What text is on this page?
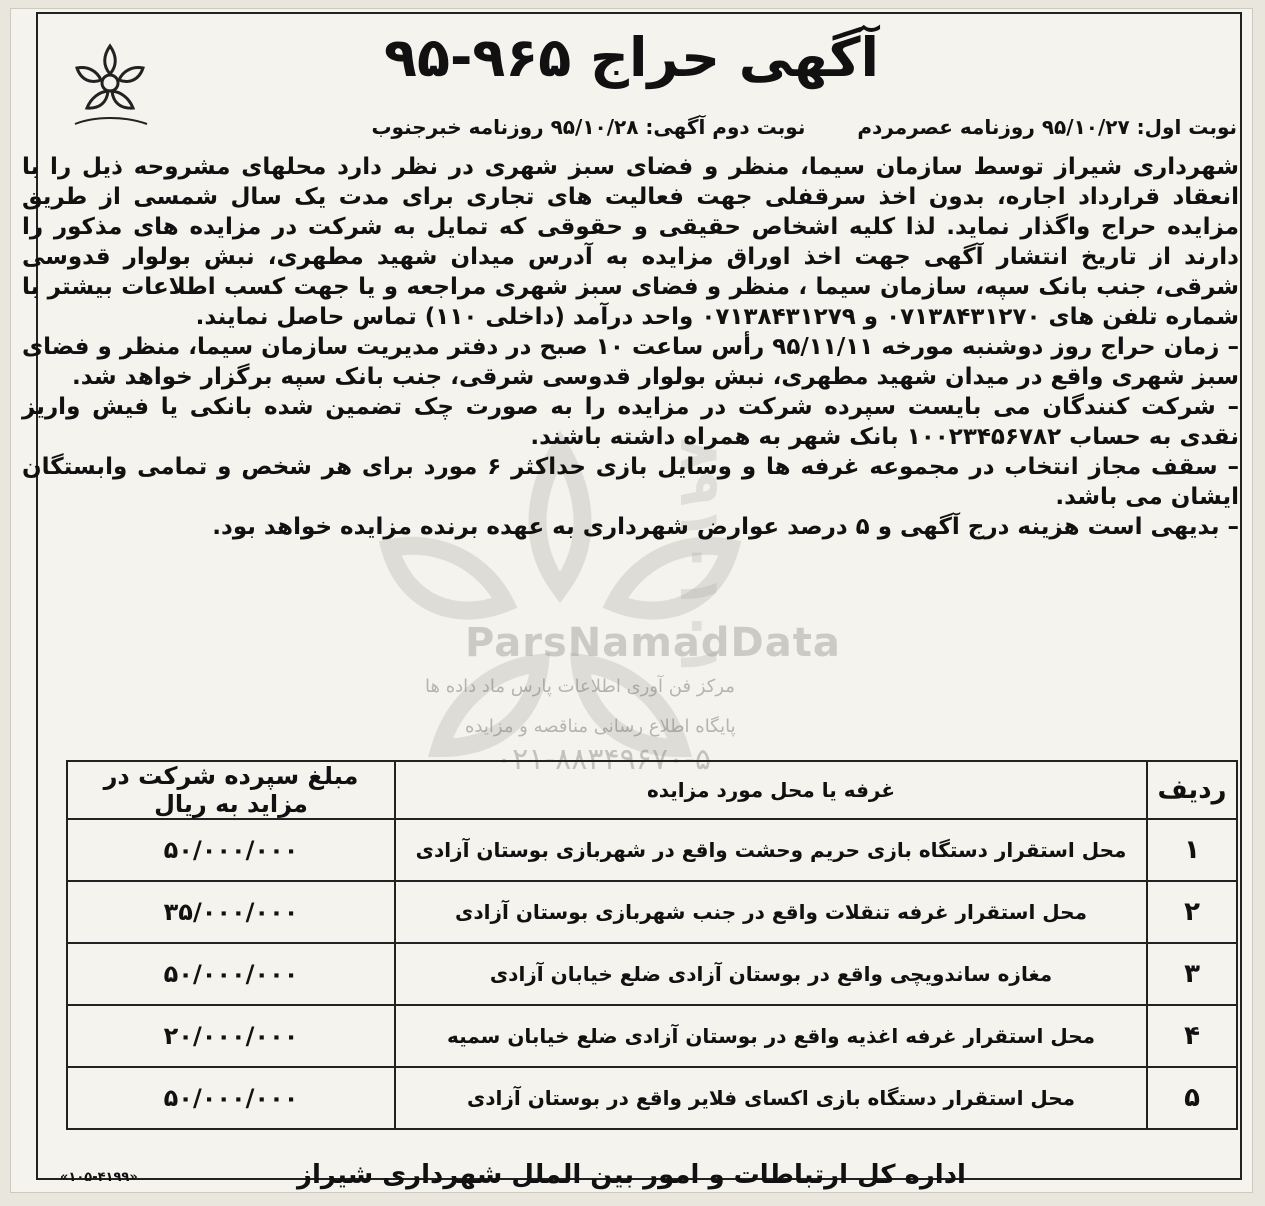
آگهی حراج ۹۶۵-۹۵
نوبت اول: ۹۵/۱۰/۲۷ روزنامه عصرمردم
نوبت دوم آگهی: ۹۵/۱۰/۲۸ روزنامه خبرجنوب
۸۹۱۰۱۰۱
ParsNamadData
مرکز فن آوری اطلاعات پارس ماد داده ها
پایگاه اطلاع رسانی مناقصه و مزایده
۰۲۱-۸۸۳۴۹۶۷۰-۵

شهرداری شیراز توسط سازمان سیما، منظر و فضای سبز شهری در نظر دارد محلهای مشروحه ذیل را با انعقاد قرارداد اجاره، بدون اخذ سرقفلی جهت فعالیت های تجاری برای مدت یک سال شمسی از طریق مزایده حراج واگذار نماید. لذا کلیه اشخاص حقیقی و حقوقی که تمایل به شرکت در مزایده های مذکور را دارند از تاریخ انتشار آگهی جهت اخذ اوراق مزایده به آدرس میدان شهید مطهری، نبش بولوار قدوسی شرقی، جنب بانک سپه، سازمان سیما ، منظر و فضای سبز شهری مراجعه و یا جهت کسب اطلاعات بیشتر با شماره تلفن های ۰۷۱۳۸۴۳۱۲۷۰ و ۰۷۱۳۸۴۳۱۲۷۹ واحد درآمد (داخلی ۱۱۰) تماس حاصل نمایند.

– زمان حراج روز دوشنبه مورخه ۹۵/۱۱/۱۱ رأس ساعت ۱۰ صبح در دفتر مدیریت سازمان سیما، منظر و فضای سبز شهری واقع در میدان شهید مطهری، نبش بولوار قدوسی شرقی، جنب بانک سپه برگزار خواهد شد.

– شرکت کنندگان می بایست سپرده شرکت در مزایده را به صورت چک تضمین شده بانکی یا فیش واریز نقدی به حساب ۱۰۰۲۳۴۵۶۷۸۲ بانک شهر به همراه داشته باشند.

– سقف مجاز انتخاب در مجموعه غرفه ها و وسایل بازی حداکثر ۶ مورد برای هر شخص و تمامی وابستگان ایشان می باشد.

– بدیهی است هزینه درج آگهی و ۵ درصد عوارض شهرداری به عهده برنده مزایده خواهد بود.

ردیف	غرفه یا محل مورد مزایده	مبلغ سپرده شرکت در مزاید به ریال
۱	محل استقرار دستگاه بازی حریم وحشت واقع در شهربازی بوستان آزادی	۵۰/۰۰۰/۰۰۰
۲	محل استقرار غرفه تنقلات واقع در جنب شهربازی بوستان آزادی	۳۵/۰۰۰/۰۰۰
۳	مغازه ساندویچی واقع در بوستان آزادی ضلع خیابان آزادی	۵۰/۰۰۰/۰۰۰
۴	محل استقرار غرفه اغذیه واقع در بوستان آزادی ضلع خیابان سمیه	۲۰/۰۰۰/۰۰۰
۵	محل استقرار دستگاه بازی اکسای فلایر واقع در بوستان آزادی	۵۰/۰۰۰/۰۰۰
اداره کل ارتباطات و امور بین الملل شهرداری شیراز
«۱۰۵-۴۱۹۹»
